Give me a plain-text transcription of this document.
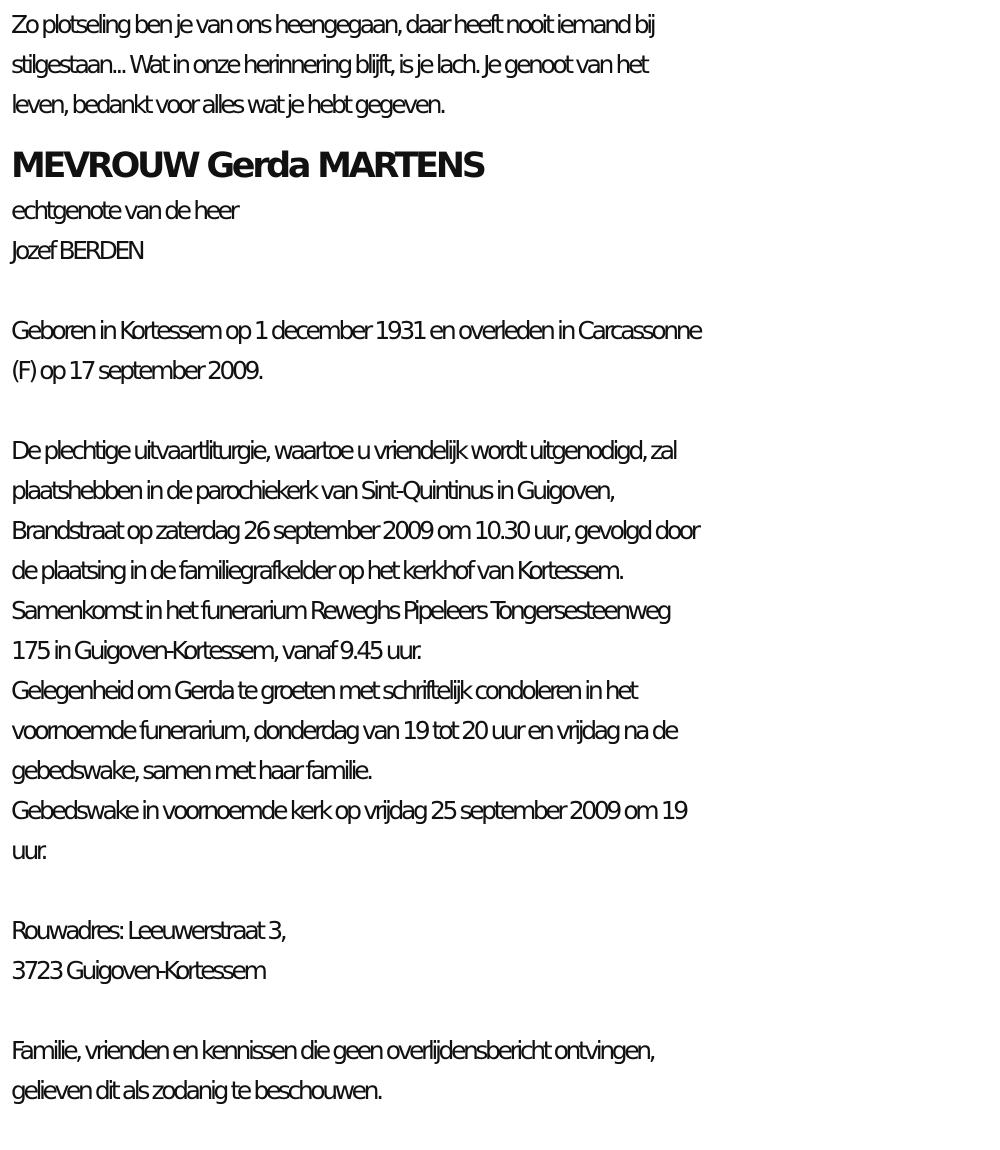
Zo plotseling ben je van ons heengegaan, daar heeft nooit iemand bij
stilgestaan... Wat in onze herinnering blijft, is je lach. Je genoot van het
leven, bedankt voor alles wat je hebt gegeven.
MEVROUW Gerda MARTENS
echtgenote van de heer
Jozef BERDEN
Geboren in Kortessem op 1 december 1931 en overleden in Carcassonne
(F) op 17 september 2009.
De plechtige uitvaartliturgie, waartoe u vriendelijk wordt uitgenodigd, zal
plaatshebben in de parochiekerk van Sint-Quintinus in Guigoven,
Brandstraat op zaterdag 26 september 2009 om 10.30 uur, gevolgd door
de plaatsing in de familiegrafkelder op het kerkhof van Kortessem.
Samenkomst in het funerarium Reweghs Pipeleers Tongersesteenweg
175 in Guigoven-Kortessem, vanaf 9.45 uur.
Gelegenheid om Gerda te groeten met schriftelijk condoleren in het
voornoemde funerarium, donderdag van 19 tot 20 uur en vrijdag na de
gebedswake, samen met haar familie.
Gebedswake in voornoemde kerk op vrijdag 25 september 2009 om 19
uur.
Rouwadres: Leeuwerstraat 3,
3723 Guigoven-Kortessem
Familie, vrienden en kennissen die geen overlijdensbericht ontvingen,
gelieven dit als zodanig te beschouwen.
